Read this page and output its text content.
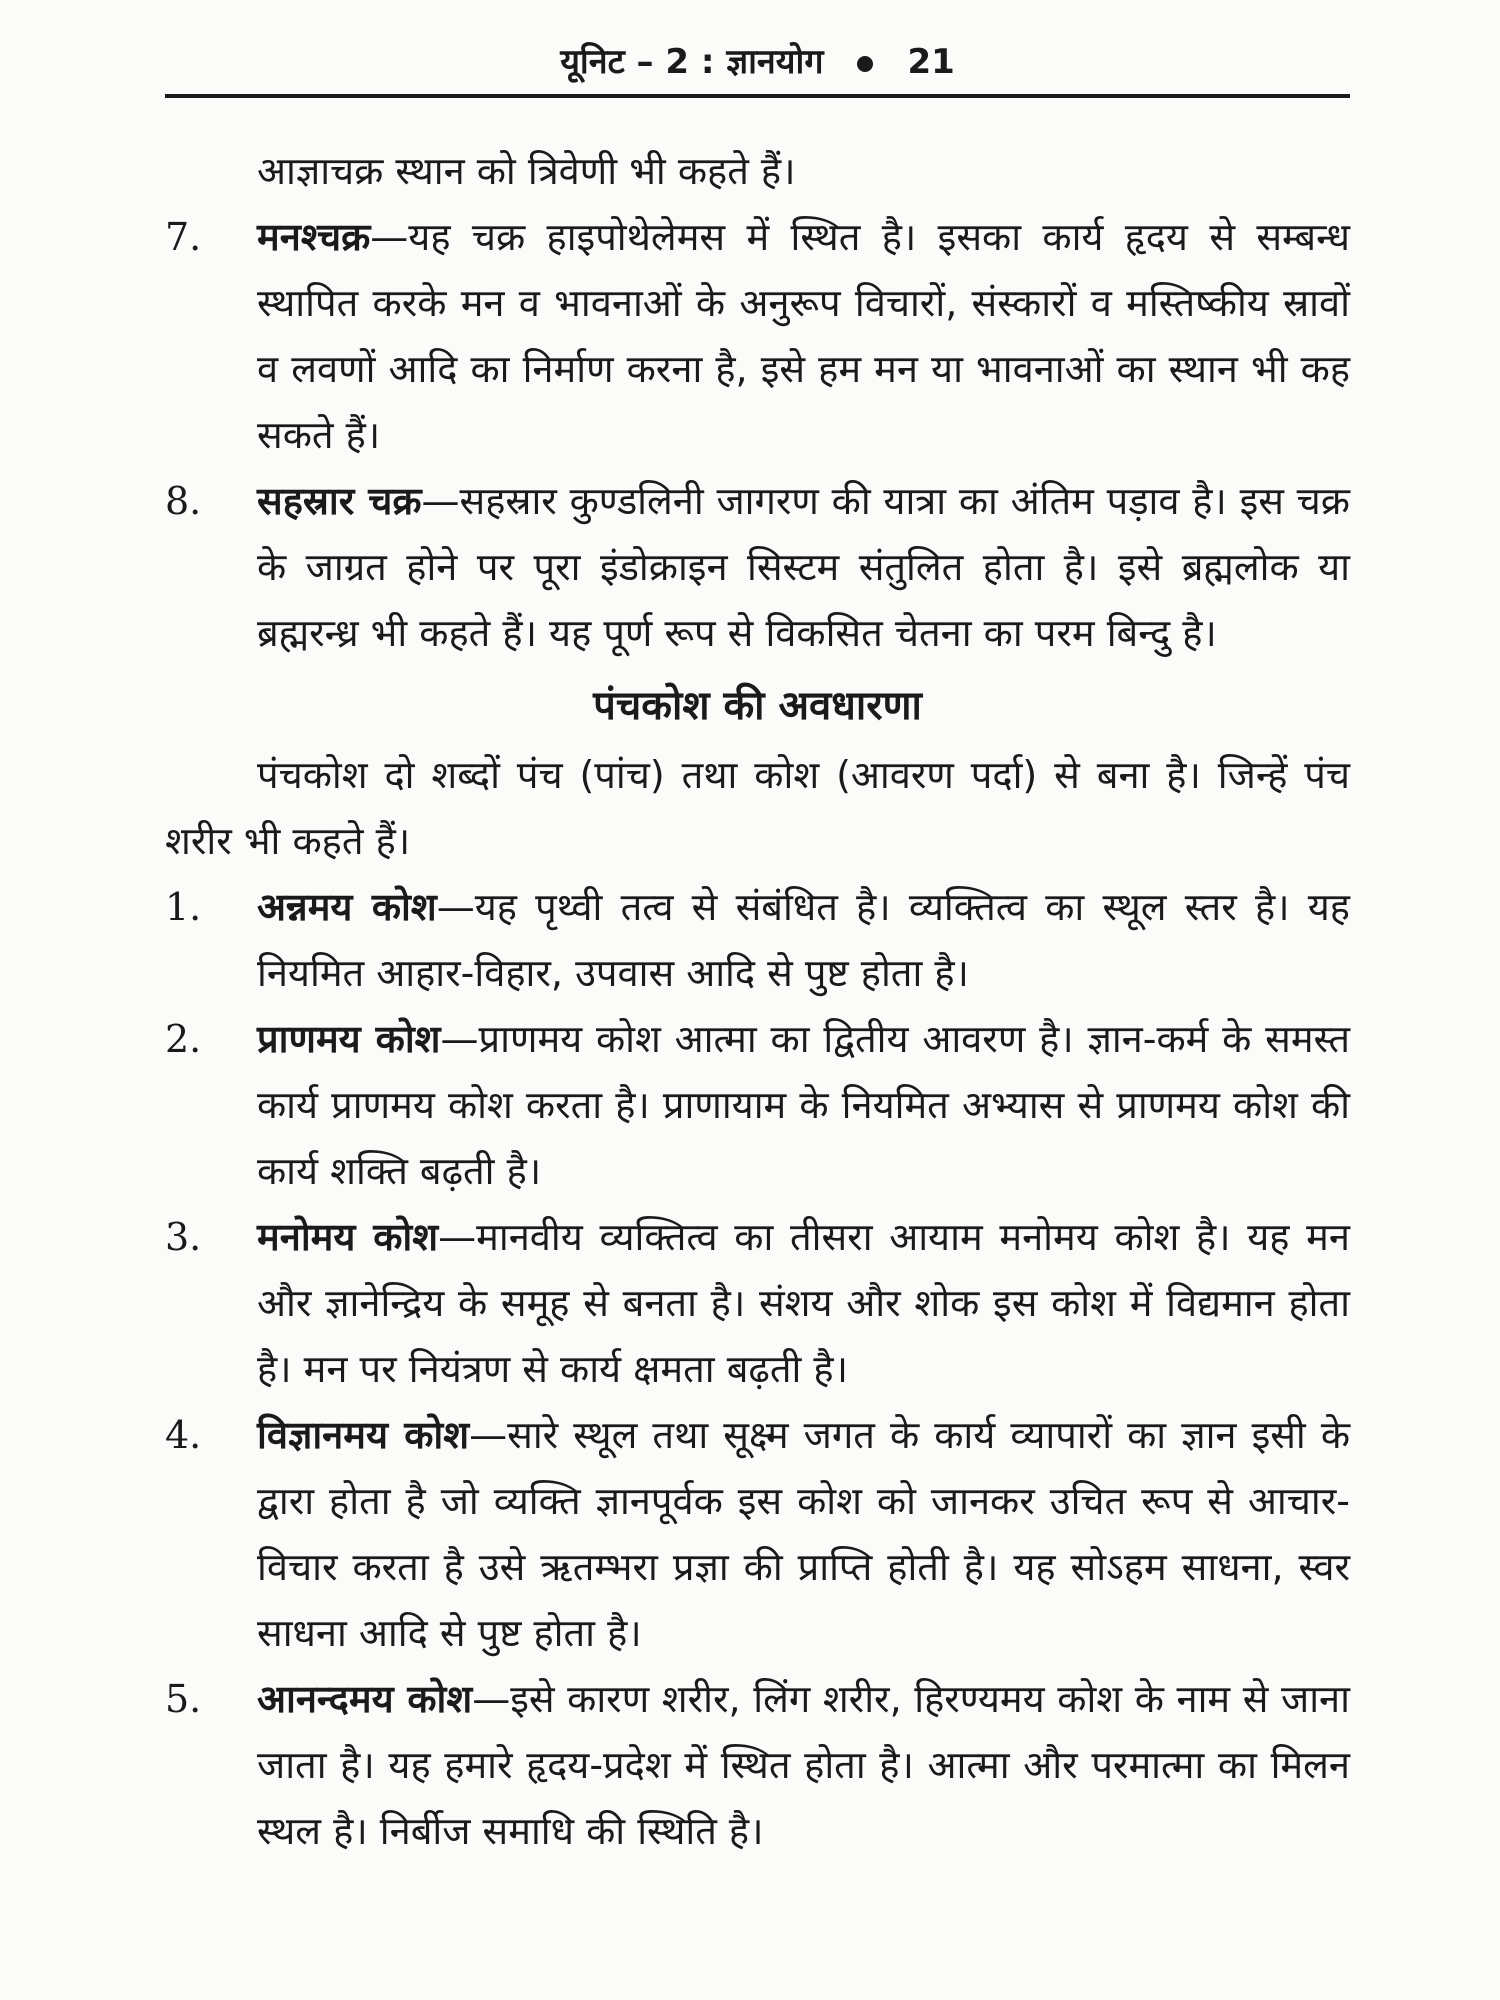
यूनिट – 2 : ज्ञानयोग 21
आज्ञाचक्र स्थान को त्रिवेणी भी कहते हैं।
7.	मनश्चक्र—यह चक्र हाइपोथेलेमस में स्थित है। इसका कार्य हृदय से सम्बन्ध स्थापित करके मन व भावनाओं के अनुरूप विचारों, संस्कारों व मस्तिष्कीय स्रावों व लवणों आदि का निर्माण करना है, इसे हम मन या भावनाओं का स्थान भी कह सकते हैं।
8.	सहस्रार चक्र—सहस्रार कुण्डलिनी जागरण की यात्रा का अंतिम पड़ाव है। इस चक्र के जाग्रत होने पर पूरा इंडोक्राइन सिस्टम संतुलित होता है। इसे ब्रह्मलोक या ब्रह्मरन्ध्र भी कहते हैं। यह पूर्ण रूप से विकसित चेतना का परम बिन्दु है।
पंचकोश की अवधारणा
पंचकोश दो शब्दों पंच (पांच) तथा कोश (आवरण पर्दा) से बना है। जिन्हें पंच शरीर भी कहते हैं।
1.	अन्नमय कोश—यह पृथ्वी तत्व से संबंधित है। व्यक्तित्व का स्थूल स्तर है। यह नियमित आहार-विहार, उपवास आदि से पुष्ट होता है।
2.	प्राणमय कोश—प्राणमय कोश आत्मा का द्वितीय आवरण है। ज्ञान-कर्म के समस्त कार्य प्राणमय कोश करता है। प्राणायाम के नियमित अभ्यास से प्राणमय कोश की कार्य शक्ति बढ़ती है।
3.	मनोमय कोश—मानवीय व्यक्तित्व का तीसरा आयाम मनोमय कोश है। यह मन और ज्ञानेन्द्रिय के समूह से बनता है। संशय और शोक इस कोश में विद्यमान होता है। मन पर नियंत्रण से कार्य क्षमता बढ़ती है।
4.	विज्ञानमय कोश—सारे स्थूल तथा सूक्ष्म जगत के कार्य व्यापारों का ज्ञान इसी के द्वारा होता है जो व्यक्ति ज्ञानपूर्वक इस कोश को जानकर उचित रूप से आचार-विचार करता है उसे ऋतम्भरा प्रज्ञा की प्राप्ति होती है। यह सोऽहम साधना, स्वर साधना आदि से पुष्ट होता है।
5.	आनन्दमय कोश—इसे कारण शरीर, लिंग शरीर, हिरण्यमय कोश के नाम से जाना जाता है। यह हमारे हृदय-प्रदेश में स्थित होता है। आत्मा और परमात्मा का मिलन स्थल है। निर्बीज समाधि की स्थिति है।
